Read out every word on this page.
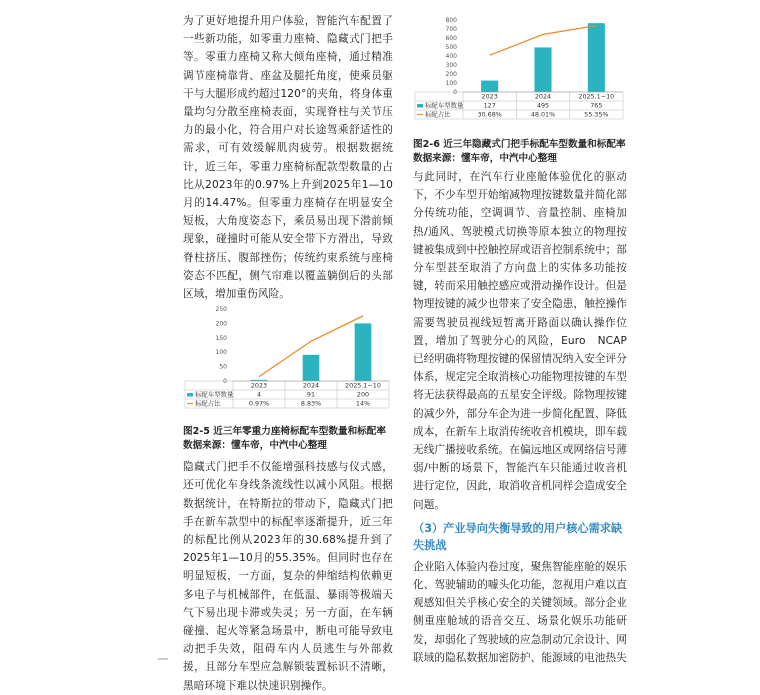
为了更好地提升用户体验，智能汽车配置了一些新功能，如零重力座椅、隐藏式门把手等。零重力座椅又称大倾角座椅，通过精准调节座椅靠背、座盆及腿托角度，使乘员躯干与大腿形成约超过120°的夹角，将身体重量均匀分散至座椅表面，实现脊柱与关节压力的最小化，符合用户对长途驾乘舒适性的需求，可有效缓解肌肉疲劳。根据数据统计，近三年，零重力座椅标配款型数量的占比从2023年的0.97%上升到2025年1—10月的14.47%。但零重力座椅存在明显安全短板，大角度姿态下，乘员易出现下潜前倾现象，碰撞时可能从安全带下方滑出，导致脊柱挤压、腹部挫伤；传统约束系统与座椅姿态不匹配，侧气帘难以覆盖躺倒后的头部区域，增加重伤风险。

0
50
100
150
200
250
2023	2024	2025.1~10
标配车型数量	4	91	200
标配占比	0.97%	8.83%	14%

图2-5 近三年零重力座椅标配车型数量和标配率数据来源：懂车帝，中汽中心整理

隐藏式门把手不仅能增强科技感与仪式感，还可优化车身线条流线性以减小风阻。根据数据统计，在特斯拉的带动下，隐藏式门把手在新车款型中的标配率逐渐提升，近三年的标配比例从2023年的30.68%提升到了2025年1—10月的55.35%。但同时也存在明显短板，一方面，复杂的伸缩结构依赖更多电子与机械部件，在低温、暴雨等极端天气下易出现卡滞或失灵；另一方面，在车辆碰撞、起火等紧急场景中，断电可能导致电动把手失效，阻碍车内人员逃生与外部救援，且部分车型应急解锁装置标识不清晰，黑暗环境下难以快速识别操作。

0
100
200
300
400
500
600
700
800
2023	2024	2025.1~10
标配车型数量	127	495	765
标配占比	30.68%	48.01%	55.35%

图2-6 近三年隐藏式门把手标配车型数量和标配率数据来源：懂车帝，中汽中心整理

与此同时，在汽车行业座舱体验优化的驱动下，不少车型开始缩减物理按键数量并简化部分传统功能，空调调节、音量控制、座椅加热/通风、驾驶模式切换等原本独立的物理按键被集成到中控触控屏或语音控制系统中；部分车型甚至取消了方向盘上的实体多功能按键，转而采用触控感应或滑动操作设计。但是物理按键的减少也带来了安全隐患，触控操作需要驾驶员视线短暂离开路面以确认操作位置，增加了驾驶分心的风险，Euro　NCAP已经明确将物理按键的保留情况纳入安全评分体系，规定完全取消核心功能物理按键的车型将无法获得最高的五星安全评级。除物理按键的减少外，部分车企为进一步简化配置、降低成本，在新车上取消传统收音机模块，即车载无线广播接收系统。在偏远地区或网络信号薄弱/中断的场景下，智能汽车只能通过收音机进行定位，因此，取消收音机同样会造成安全问题。

（3）产业导向失衡导致的用户核心需求缺失挑战

企业陷入体验内卷过度，聚焦智能座舱的娱乐化、驾驶辅助的噱头化功能，忽视用户难以直观感知但关乎核心安全的关键领域。部分企业侧重座舱域的语音交互、场景化娱乐功能研发，却弱化了驾驶域的应急制动冗余设计、网联域的隐私数据加密防护、能源域的电池热失
